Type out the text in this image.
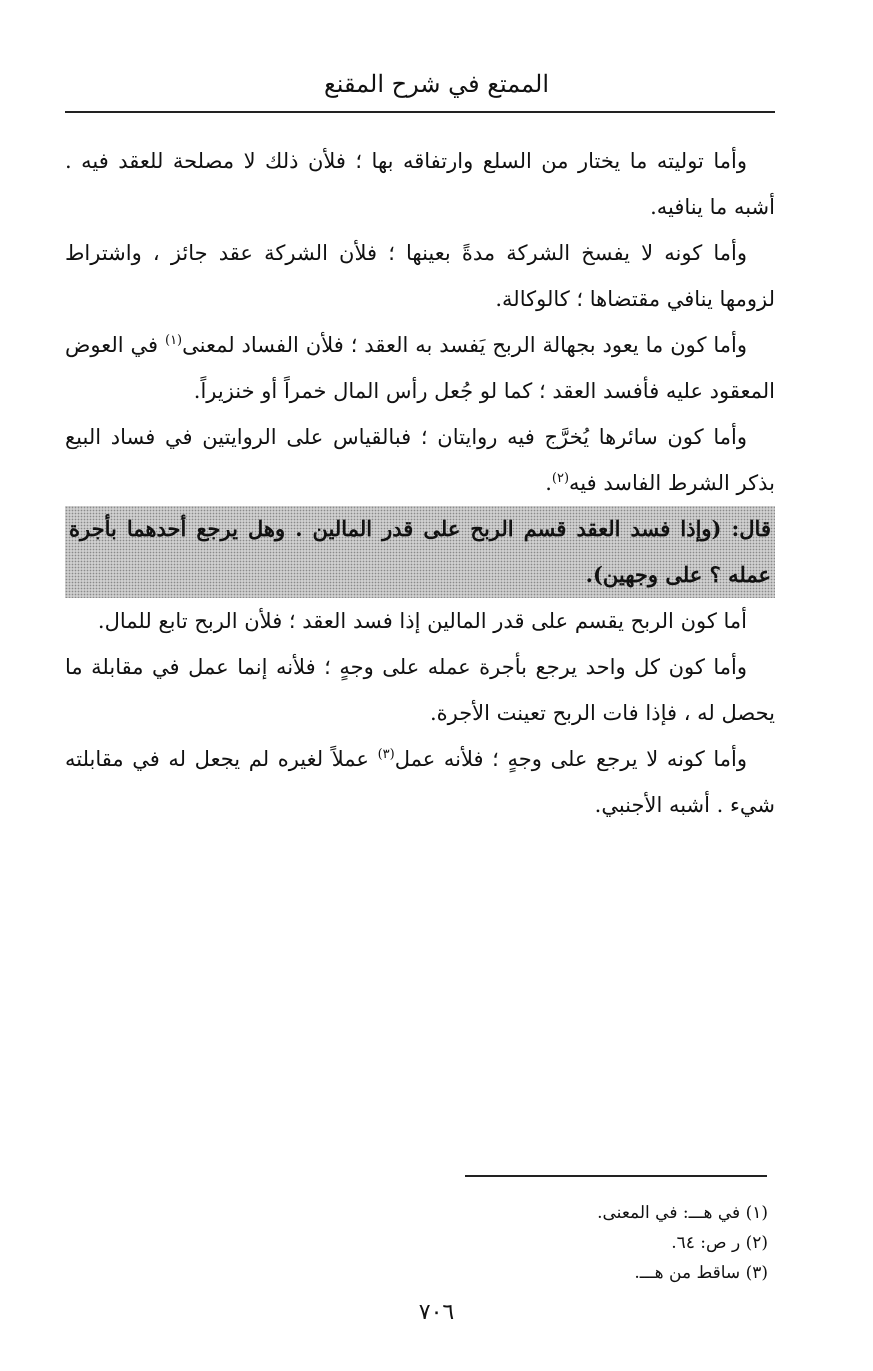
الممتع في شرح المقنع

وأما توليته ما يختار من السلع وارتفاقه بها ؛ فلأن ذلك لا مصلحة للعقد فيه . أشبه ما ينافيه.

وأما كونه لا يفسخ الشركة مدةً بعينها ؛ فلأن الشركة عقد جائز ، واشتراط لزومها ينافي مقتضاها ؛ كالوكالة.

وأما كون ما يعود بجهالة الربح يَفسد به العقد ؛ فلأن الفساد لمعنى$^{(١)}$ في العوض المعقود عليه فأفسد العقد ؛ كما لو جُعل رأس المال خمراً أو خنزيراً.

وأما كون سائرها يُخرَّج فيه روايتان ؛ فبالقياس على الروايتين في فساد البيع بذكر الشرط الفاسد فيه$^{(٢)}$.

قال: (وإذا فسد العقد قسم الربح على قدر المالين . وهل يرجع أحدهما بأجرة عمله ؟ على وجهين).

أما كون الربح يقسم على قدر المالين إذا فسد العقد ؛ فلأن الربح تابع للمال.

وأما كون كل واحد يرجع بأجرة عمله على وجهٍ ؛ فلأنه إنما عمل في مقابلة ما يحصل له ، فإذا فات الربح تعينت الأجرة.

وأما كونه لا يرجع على وجهٍ ؛ فلأنه عمل$^{(٣)}$ عملاً لغيره لم يجعل له في مقابلته شيء . أشبه الأجنبي.

(١) في هـــ: في المعنى.
(٢) ر ص: ٦٤.
(٣) ساقط من هـــ.
٧٠٦
